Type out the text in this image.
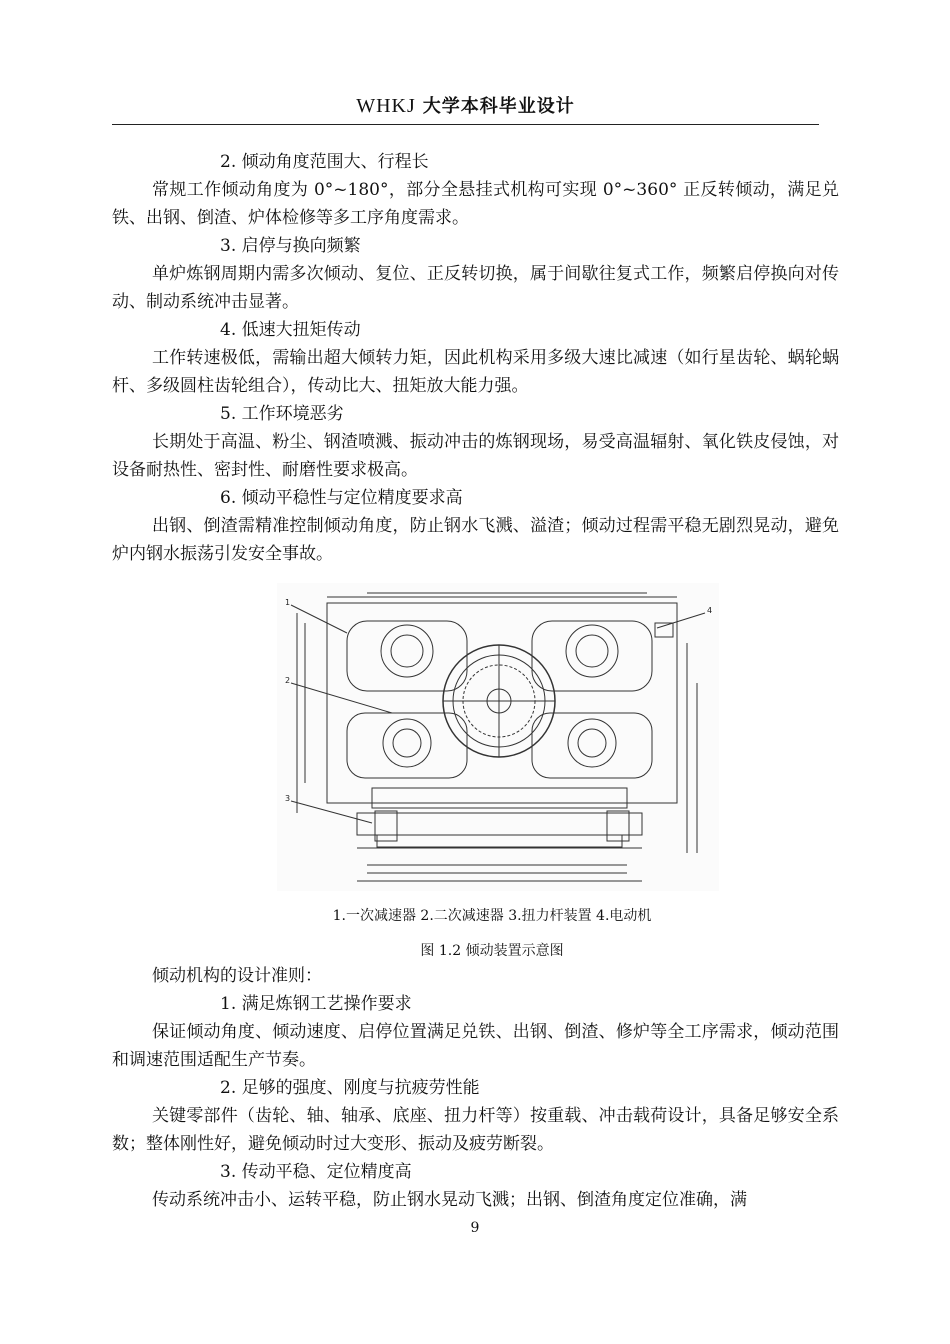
WHKJ 大学本科毕业设计

2. 倾动角度范围大、行程长

常规工作倾动角度为 0°~180°，部分全悬挂式机构可实现 0°~360° 正反转倾动，满足兑铁、出钢、倒渣、炉体检修等多工序角度需求。

3. 启停与换向频繁

单炉炼钢周期内需多次倾动、复位、正反转切换，属于间歇往复式工作，频繁启停换向对传动、制动系统冲击显著。

4. 低速大扭矩传动

工作转速极低，需输出超大倾转力矩，因此机构采用多级大速比减速（如行星齿轮、蜗轮蜗杆、多级圆柱齿轮组合），传动比大、扭矩放大能力强。

5. 工作环境恶劣

长期处于高温、粉尘、钢渣喷溅、振动冲击的炼钢现场，易受高温辐射、氧化铁皮侵蚀，对设备耐热性、密封性、耐磨性要求极高。

6. 倾动平稳性与定位精度要求高

出钢、倒渣需精准控制倾动角度，防止钢水飞溅、溢渣；倾动过程需平稳无剧烈晃动，避免炉内钢水振荡引发安全事故。

1
2
3
4
1.一次减速器 2.二次减速器 3.扭力杆装置 4.电动机
图 1.2 倾动装置示意图

倾动机构的设计准则：

1. 满足炼钢工艺操作要求

保证倾动角度、倾动速度、启停位置满足兑铁、出钢、倒渣、修炉等全工序需求，倾动范围和调速范围适配生产节奏。

2. 足够的强度、刚度与抗疲劳性能

关键零部件（齿轮、轴、轴承、底座、扭力杆等）按重载、冲击载荷设计，具备足够安全系数；整体刚性好，避免倾动时过大变形、振动及疲劳断裂。

3. 传动平稳、定位精度高

传动系统冲击小、运转平稳，防止钢水晃动飞溅；出钢、倒渣角度定位准确，满

9
